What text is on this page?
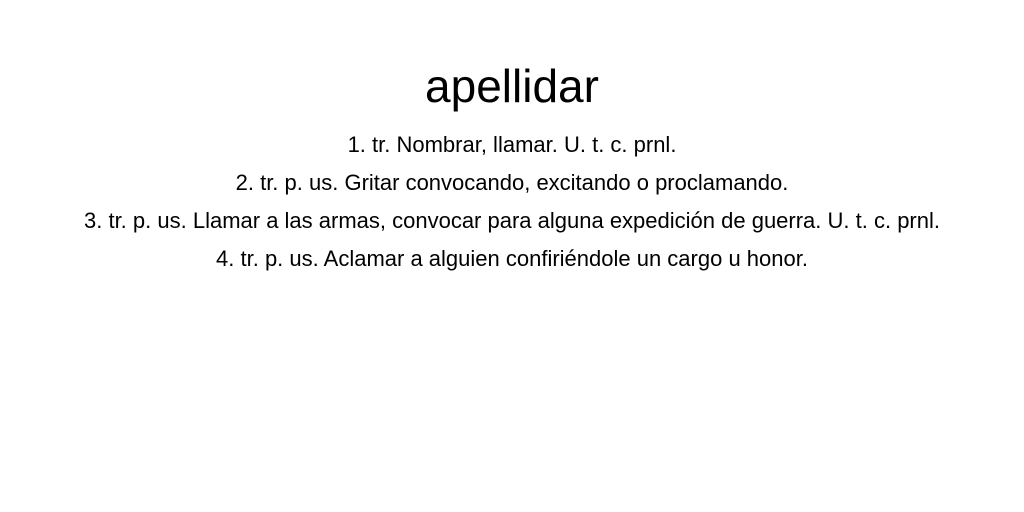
apellidar
1. tr. Nombrar, llamar. U. t. c. prnl.
2. tr. p. us. Gritar convocando, excitando o proclamando.
3. tr. p. us. Llamar a las armas, convocar para alguna expedición de guerra. U. t. c. prnl.
4. tr. p. us. Aclamar a alguien confiriéndole un cargo u honor.
